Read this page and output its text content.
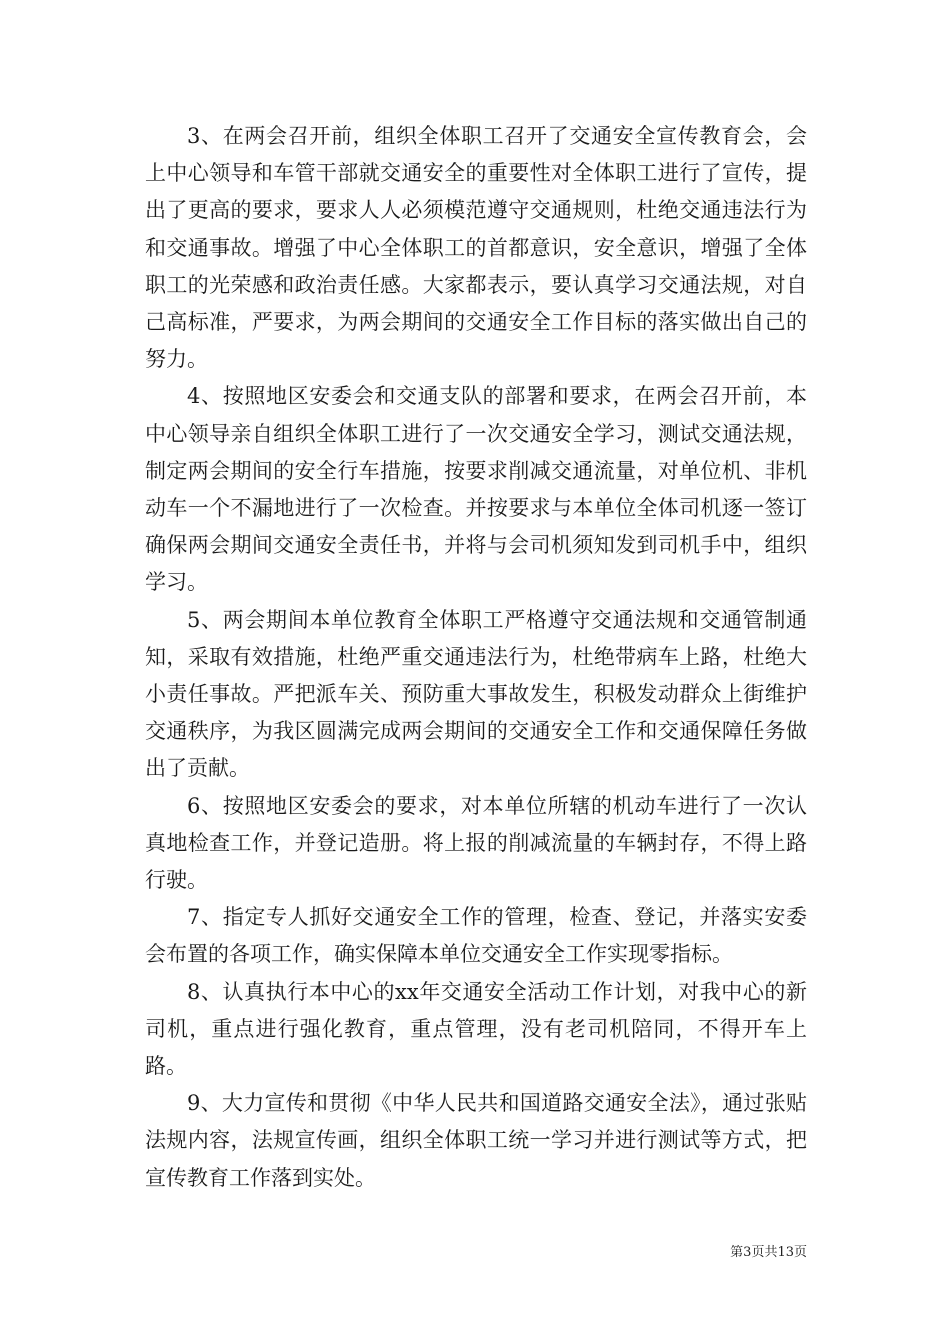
3、在两会召开前，组织全体职工召开了交通安全宣传教育会，会上中心领导和车管干部就交通安全的重要性对全体职工进行了宣传，提出了更高的要求，要求人人必须模范遵守交通规则，杜绝交通违法行为和交通事故。增强了中心全体职工的首都意识，安全意识，增强了全体职工的光荣感和政治责任感。大家都表示，要认真学习交通法规，对自己高标准，严要求，为两会期间的交通安全工作目标的落实做出自己的努力。

4、按照地区安委会和交通支队的部署和要求，在两会召开前，本中心领导亲自组织全体职工进行了一次交通安全学习，测试交通法规，制定两会期间的安全行车措施，按要求削减交通流量，对单位机、非机动车一个不漏地进行了一次检查。并按要求与本单位全体司机逐一签订确保两会期间交通安全责任书，并将与会司机须知发到司机手中，组织学习。

5、两会期间本单位教育全体职工严格遵守交通法规和交通管制通知，采取有效措施，杜绝严重交通违法行为，杜绝带病车上路，杜绝大小责任事故。严把派车关、预防重大事故发生，积极发动群众上街维护交通秩序，为我区圆满完成两会期间的交通安全工作和交通保障任务做出了贡献。

6、按照地区安委会的要求，对本单位所辖的机动车进行了一次认真地检查工作，并登记造册。将上报的削减流量的车辆封存，不得上路行驶。

7、指定专人抓好交通安全工作的管理，检查、登记，并落实安委会布置的各项工作，确实保障本单位交通安全工作实现零指标。

8、认真执行本中心的xx年交通安全活动工作计划，对我中心的新司机，重点进行强化教育，重点管理，没有老司机陪同，不得开车上路。

9、大力宣传和贯彻《中华人民共和国道路交通安全法》，通过张贴法规内容，法规宣传画，组织全体职工统一学习并进行测试等方式，把宣传教育工作落到实处。

第3页共13页
